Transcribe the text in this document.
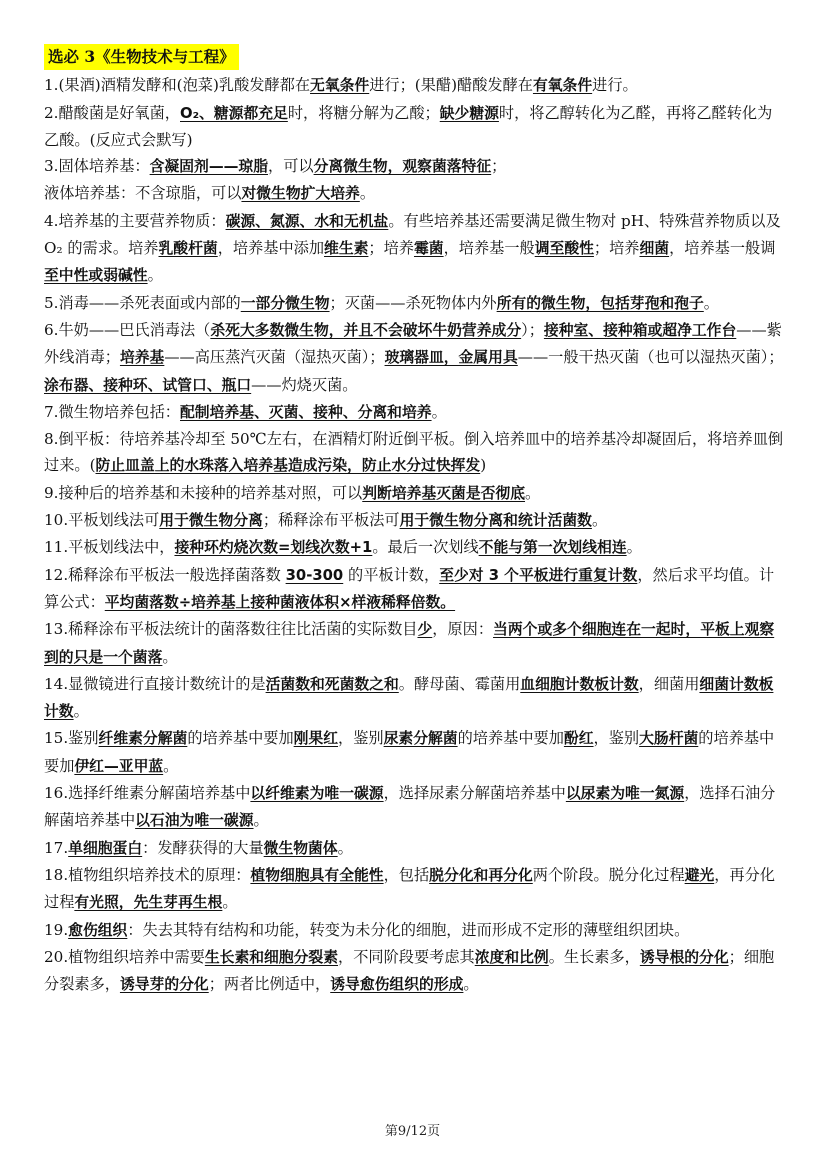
选必 3《生物技术与工程》

1.(果酒)酒精发酵和(泡菜)乳酸发酵都在无氧条件进行；(果醋)醋酸发酵在有氧条件进行。

2.醋酸菌是好氧菌，O₂、糖源都充足时，将糖分解为乙酸；缺少糖源时，将乙醇转化为乙醛，再将乙醛转化为乙酸。(反应式会默写)

3.固体培养基：含凝固剂——琼脂，可以分离微生物，观察菌落特征；

液体培养基：不含琼脂，可以对微生物扩大培养。

4.培养基的主要营养物质：碳源、氮源、水和无机盐。有些培养基还需要满足微生物对 pH、特殊营养物质以及 O₂ 的需求。培养乳酸杆菌，培养基中添加维生素；培养霉菌，培养基一般调至酸性；培养细菌，培养基一般调至中性或弱碱性。

5.消毒——杀死表面或内部的一部分微生物；灭菌——杀死物体内外所有的微生物，包括芽孢和孢子。

6.牛奶——巴氏消毒法（杀死大多数微生物，并且不会破坏牛奶营养成分）；接种室、接种箱或超净工作台——紫外线消毒；培养基——高压蒸汽灭菌（湿热灭菌）；玻璃器皿，金属用具——一般干热灭菌（也可以湿热灭菌）；涂布器、接种环、试管口、瓶口——灼烧灭菌。

7.微生物培养包括：配制培养基、灭菌、接种、分离和培养。

8.倒平板：待培养基冷却至 50℃左右，在酒精灯附近倒平板。倒入培养皿中的培养基冷却凝固后，将培养皿倒过来。(防止皿盖上的水珠落入培养基造成污染，防止水分过快挥发)

9.接种后的培养基和未接种的培养基对照，可以判断培养基灭菌是否彻底。

10.平板划线法可用于微生物分离；稀释涂布平板法可用于微生物分离和统计活菌数。

11.平板划线法中，接种环灼烧次数=划线次数+1。最后一次划线不能与第一次划线相连。

12.稀释涂布平板法一般选择菌落数 30-300 的平板计数，至少对 3 个平板进行重复计数，然后求平均值。计算公式：平均菌落数÷培养基上接种菌液体积×样液稀释倍数。

13.稀释涂布平板法统计的菌落数往往比活菌的实际数目少，原因：当两个或多个细胞连在一起时，平板上观察到的只是一个菌落。

14.显微镜进行直接计数统计的是活菌数和死菌数之和。酵母菌、霉菌用血细胞计数板计数，细菌用细菌计数板计数。

15.鉴别纤维素分解菌的培养基中要加刚果红，鉴别尿素分解菌的培养基中要加酚红，鉴别大肠杆菌的培养基中要加伊红—亚甲蓝。

16.选择纤维素分解菌培养基中以纤维素为唯一碳源，选择尿素分解菌培养基中以尿素为唯一氮源，选择石油分解菌培养基中以石油为唯一碳源。

17.单细胞蛋白：发酵获得的大量微生物菌体。

18.植物组织培养技术的原理：植物细胞具有全能性，包括脱分化和再分化两个阶段。脱分化过程避光，再分化过程有光照，先生芽再生根。

19.愈伤组织：失去其特有结构和功能，转变为未分化的细胞，进而形成不定形的薄壁组织团块。

20.植物组织培养中需要生长素和细胞分裂素，不同阶段要考虑其浓度和比例。生长素多，诱导根的分化；细胞分裂素多，诱导芽的分化；两者比例适中，诱导愈伤组织的形成。

第9/12页
